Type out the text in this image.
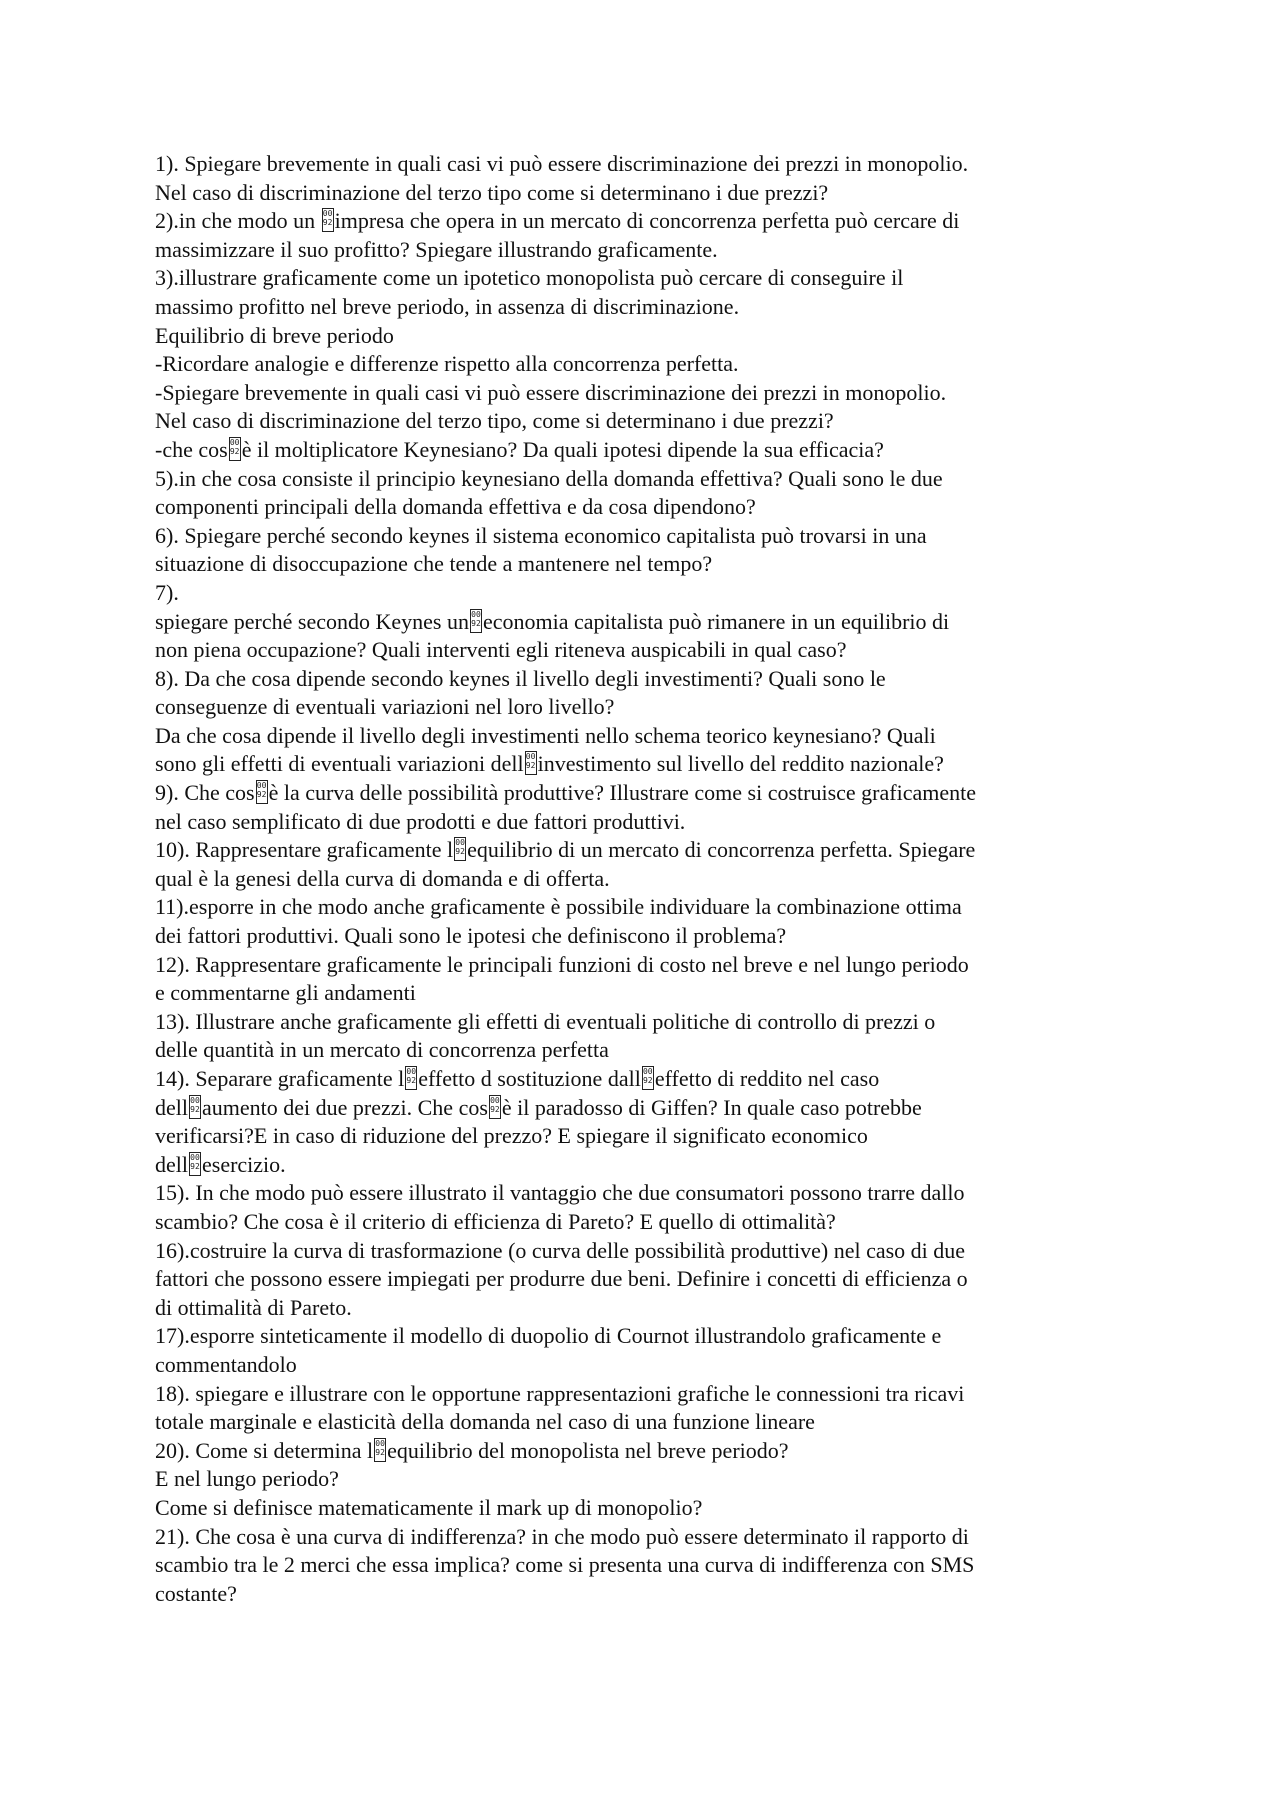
1). Spiegare brevemente in quali casi vi può essere discriminazione dei prezzi in monopolio.
Nel caso di discriminazione del terzo tipo come si determinano i due prezzi?
2).in che modo un 00
92impresa che opera in un mercato di concorrenza perfetta può cercare di
massimizzare il suo profitto? Spiegare illustrando graficamente.
3).illustrare graficamente come un ipotetico monopolista può cercare di conseguire il
massimo profitto nel breve periodo, in assenza di discriminazione.
Equilibrio di breve periodo
-Ricordare analogie e differenze rispetto alla concorrenza perfetta.
-Spiegare brevemente in quali casi vi può essere discriminazione dei prezzi in monopolio.
Nel caso di discriminazione del terzo tipo, come si determinano i due prezzi?
-che cos 00
92è il moltiplicatore Keynesiano? Da quali ipotesi dipende la sua efficacia?
5).in che cosa consiste il principio keynesiano della domanda effettiva? Quali sono le due
componenti principali della domanda effettiva e da cosa dipendono?
6). Spiegare perché secondo keynes il sistema economico capitalista può trovarsi in una
situazione di disoccupazione che tende a mantenere nel tempo?
7).
spiegare perché secondo Keynes un 00
92economia capitalista può rimanere in un equilibrio di
non piena occupazione? Quali interventi egli riteneva auspicabili in qual caso?
8). Da che cosa dipende secondo keynes il livello degli investimenti? Quali sono le
conseguenze di eventuali variazioni nel loro livello?
Da che cosa dipende il livello degli investimenti nello schema teorico keynesiano? Quali
sono gli effetti di eventuali variazioni dell 00
92investimento sul livello del reddito nazionale?
9). Che cos 00
92è la curva delle possibilità produttive? Illustrare come si costruisce graficamente
nel caso semplificato di due prodotti e due fattori produttivi.
10). Rappresentare graficamente l 00
92equilibrio di un mercato di concorrenza perfetta. Spiegare
qual è la genesi della curva di domanda e di offerta.
11).esporre in che modo anche graficamente è possibile individuare la combinazione ottima
dei fattori produttivi. Quali sono le ipotesi che definiscono il problema?
12). Rappresentare graficamente le principali funzioni di costo nel breve e nel lungo periodo
e commentarne gli andamenti
13). Illustrare anche graficamente gli effetti di eventuali politiche di controllo di prezzi o
delle quantità in un mercato di concorrenza perfetta
14). Separare graficamente l 00
92effetto d sostituzione dall 00
92effetto di reddito nel caso
dell 00
92aumento dei due prezzi. Che cos 00
92è il paradosso di Giffen? In quale caso potrebbe
verificarsi?E in caso di riduzione del prezzo? E spiegare il significato economico
dell 00
92esercizio.
15). In che modo può essere illustrato il vantaggio che due consumatori possono trarre dallo
scambio? Che cosa è il criterio di efficienza di Pareto? E quello di ottimalità?
16).costruire la curva di trasformazione (o curva delle possibilità produttive) nel caso di due
fattori che possono essere impiegati per produrre due beni. Definire i concetti di efficienza o
di ottimalità di Pareto.
17).esporre sinteticamente il modello di duopolio di Cournot illustrandolo graficamente e
commentandolo
18). spiegare e illustrare con le opportune rappresentazioni grafiche le connessioni tra ricavi
totale marginale e elasticità della domanda nel caso di una funzione lineare
20). Come si determina l 00
92equilibrio del monopolista nel breve periodo?
E nel lungo periodo?
Come si definisce matematicamente il mark up di monopolio?
21). Che cosa è una curva di indifferenza? in che modo può essere determinato il rapporto di
scambio tra le 2 merci che essa implica? come si presenta una curva di indifferenza con SMS
costante?
